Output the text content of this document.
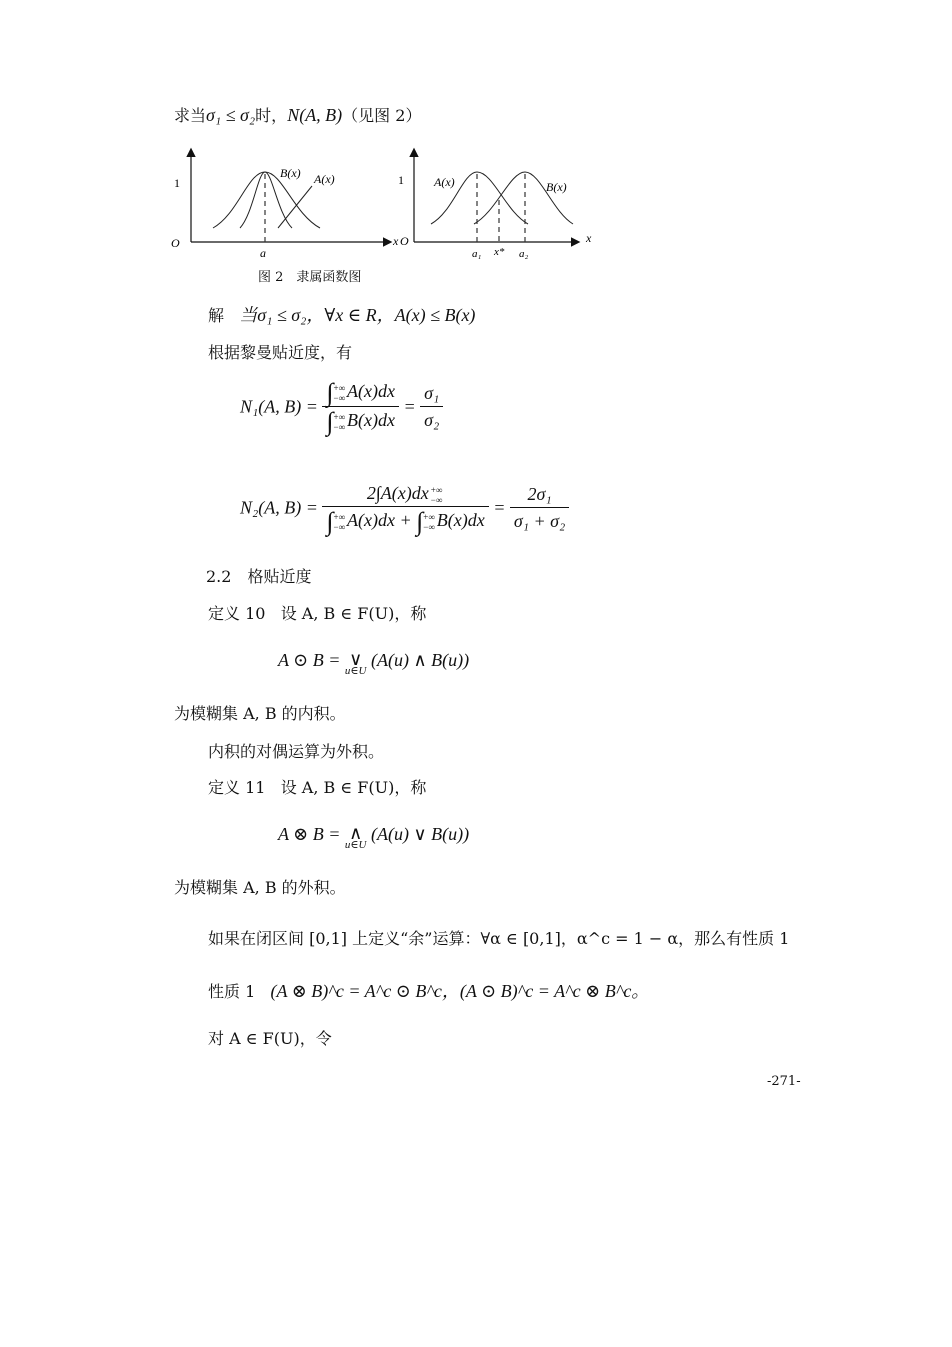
求当σ₁ ≤ σ₂时，N(A, B)（见图 2）
1
O
a
x
B(x) A(x)	1
O
a₁ x* a₂
x
A(x)	B(x)
图 2　隶属函数图
解 当σ₁ ≤ σ₂，∀x ∈ R，A(x) ≤ B(x)
根据黎曼贴近度，有
N₁(A, B) = ∫+∞
−∞ A(x)dx
∫+∞
−∞ B(x)dx
= $\frac{\text{σ₁}}{\text{σ₂}}$
N₂(A, B) =
2∫A(x)dx +∞
−∞
∫+∞
−∞ A(x)dx + ∫+∞
−∞ B(x)dx
= $\frac{\text{2σ₁}}{\text{σ₁ + σ₂}}$
2.2　格贴近度
定义 10 设 A, B ∈ F(U)，称
A ⊙ B = ∨
u∈U
(A(u) ∧ B(u))
为模糊集 A, B 的内积。
内积的对偶运算为外积。
定义 11 设 A, B ∈ F(U)，称
A ⊗ B = ∧
u∈U
(A(u) ∨ B(u))
为模糊集 A, B 的外积。
如果在闭区间 [0,1] 上定义“余”运算：∀α ∈ [0,1]，α^c = 1 − α，那么有性质 1
性质 1 (A ⊗ B)^c = A^c ⊙ B^c，(A ⊙ B)^c = A^c ⊗ B^c。
对 A ∈ F(U)，令
-271-
